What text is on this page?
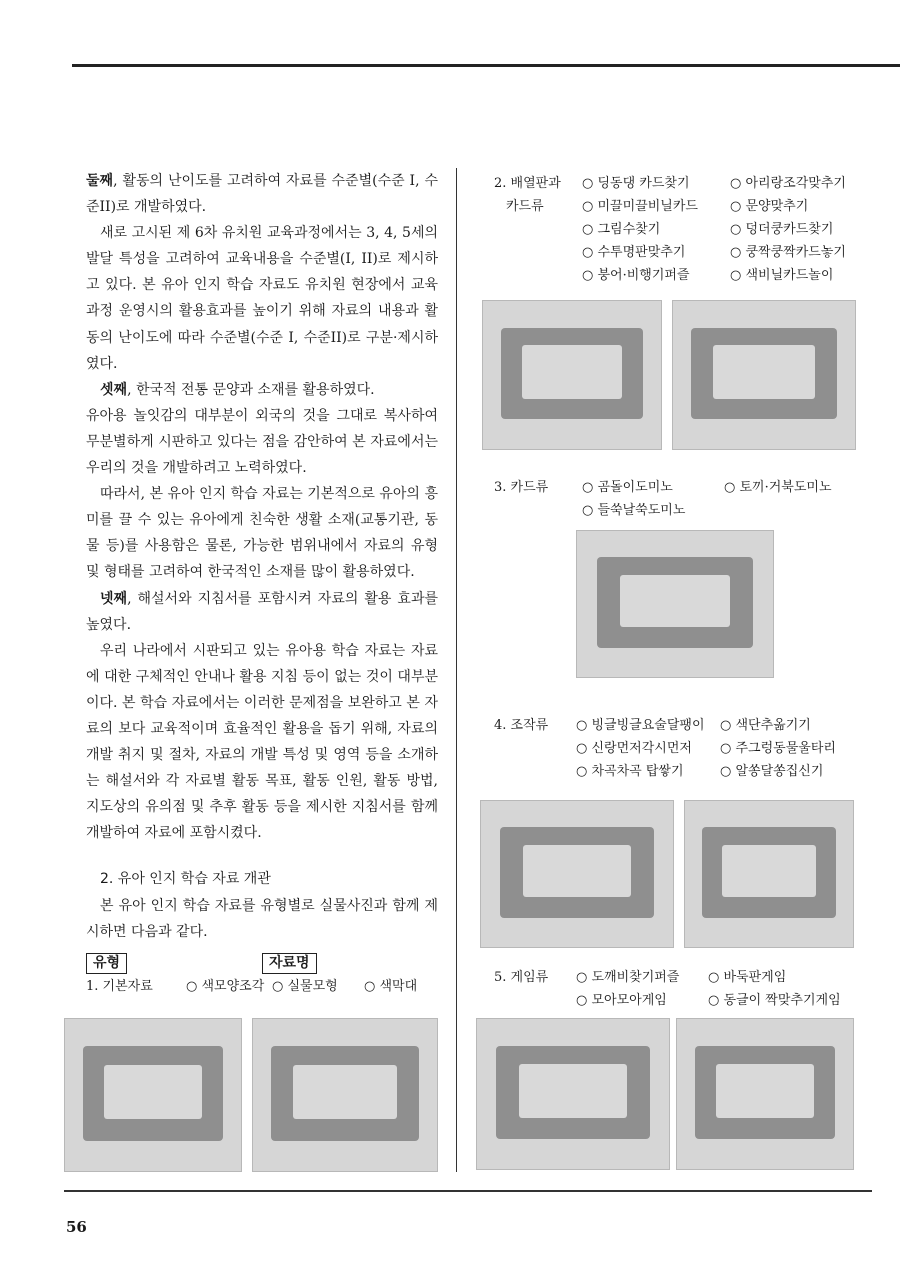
둘째, 활동의 난이도를 고려하여 자료를 수준별(수준 I, 수준II)로 개발하였다.

새로 고시된 제 6차 유치원 교육과정에서는 3, 4, 5세의 발달 특성을 고려하여 교육내용을 수준별(I, II)로 제시하고 있다. 본 유아 인지 학습 자료도 유치원 현장에서 교육과정 운영시의 활용효과를 높이기 위해 자료의 내용과 활동의 난이도에 따라 수준별(수준 I, 수준II)로 구분·제시하였다.

셋째, 한국적 전통 문양과 소재를 활용하였다.

유아용 놀잇감의 대부분이 외국의 것을 그대로 복사하여 무분별하게 시판하고 있다는 점을 감안하여 본 자료에서는 우리의 것을 개발하려고 노력하였다.

따라서, 본 유아 인지 학습 자료는 기본적으로 유아의 흥미를 끌 수 있는 유아에게 친숙한 생활 소재(교통기관, 동물 등)를 사용함은 물론, 가능한 범위내에서 자료의 유형 및 형태를 고려하여 한국적인 소재를 많이 활용하였다.

넷째, 해설서와 지침서를 포함시켜 자료의 활용 효과를 높였다.

우리 나라에서 시판되고 있는 유아용 학습 자료는 자료에 대한 구체적인 안내나 활용 지침 등이 없는 것이 대부분이다. 본 학습 자료에서는 이러한 문제점을 보완하고 본 자료의 보다 교육적이며 효율적인 활용을 돕기 위해, 자료의 개발 취지 및 절차, 자료의 개발 특성 및 영역 등을 소개하는 해설서와 각 자료별 활동 목표, 활동 인원, 활동 방법, 지도상의 유의점 및 추후 활동 등을 제시한 지침서를 함께 개발하여 자료에 포함시켰다.

2. 유아 인지 학습 자료 개관

본 유아 인지 학습 자료를 유형별로 실물사진과 함께 제시하면 다음과 같다.

유형	자료명
1. 기본자료	○ 색모양조각 ○ 실물모형 ○ 색막대
2. 배열판과
카드류
○ 딩동댕 카드찾기	○ 아리랑조각맞추기
○ 미끌미끌비닐카드 ○ 문양맞추기
○ 그림수찾기	○ 덩더쿵카드찾기
○ 수투명판맞추기	○ 쿵짝쿵짝카드놓기
○ 붕어·비행기퍼즐	○ 색비닐카드놀이
3. 카드류	○ 곰돌이도미노	○ 토끼·거북도미노
○ 들쑥날쑥도미노
4. 조작류 ○ 빙글빙글요술달팽이 ○ 색단추옮기기
○ 신랑먼저각시먼저 ○ 주그렁동물울타리
○ 차곡차곡 탑쌓기	○ 알쏭달쏭집신기
5. 게임류 ○ 도깨비찾기퍼즐 ○ 바둑판게임
○ 모아모아게임	○ 동글이 짝맞추기게임
56
